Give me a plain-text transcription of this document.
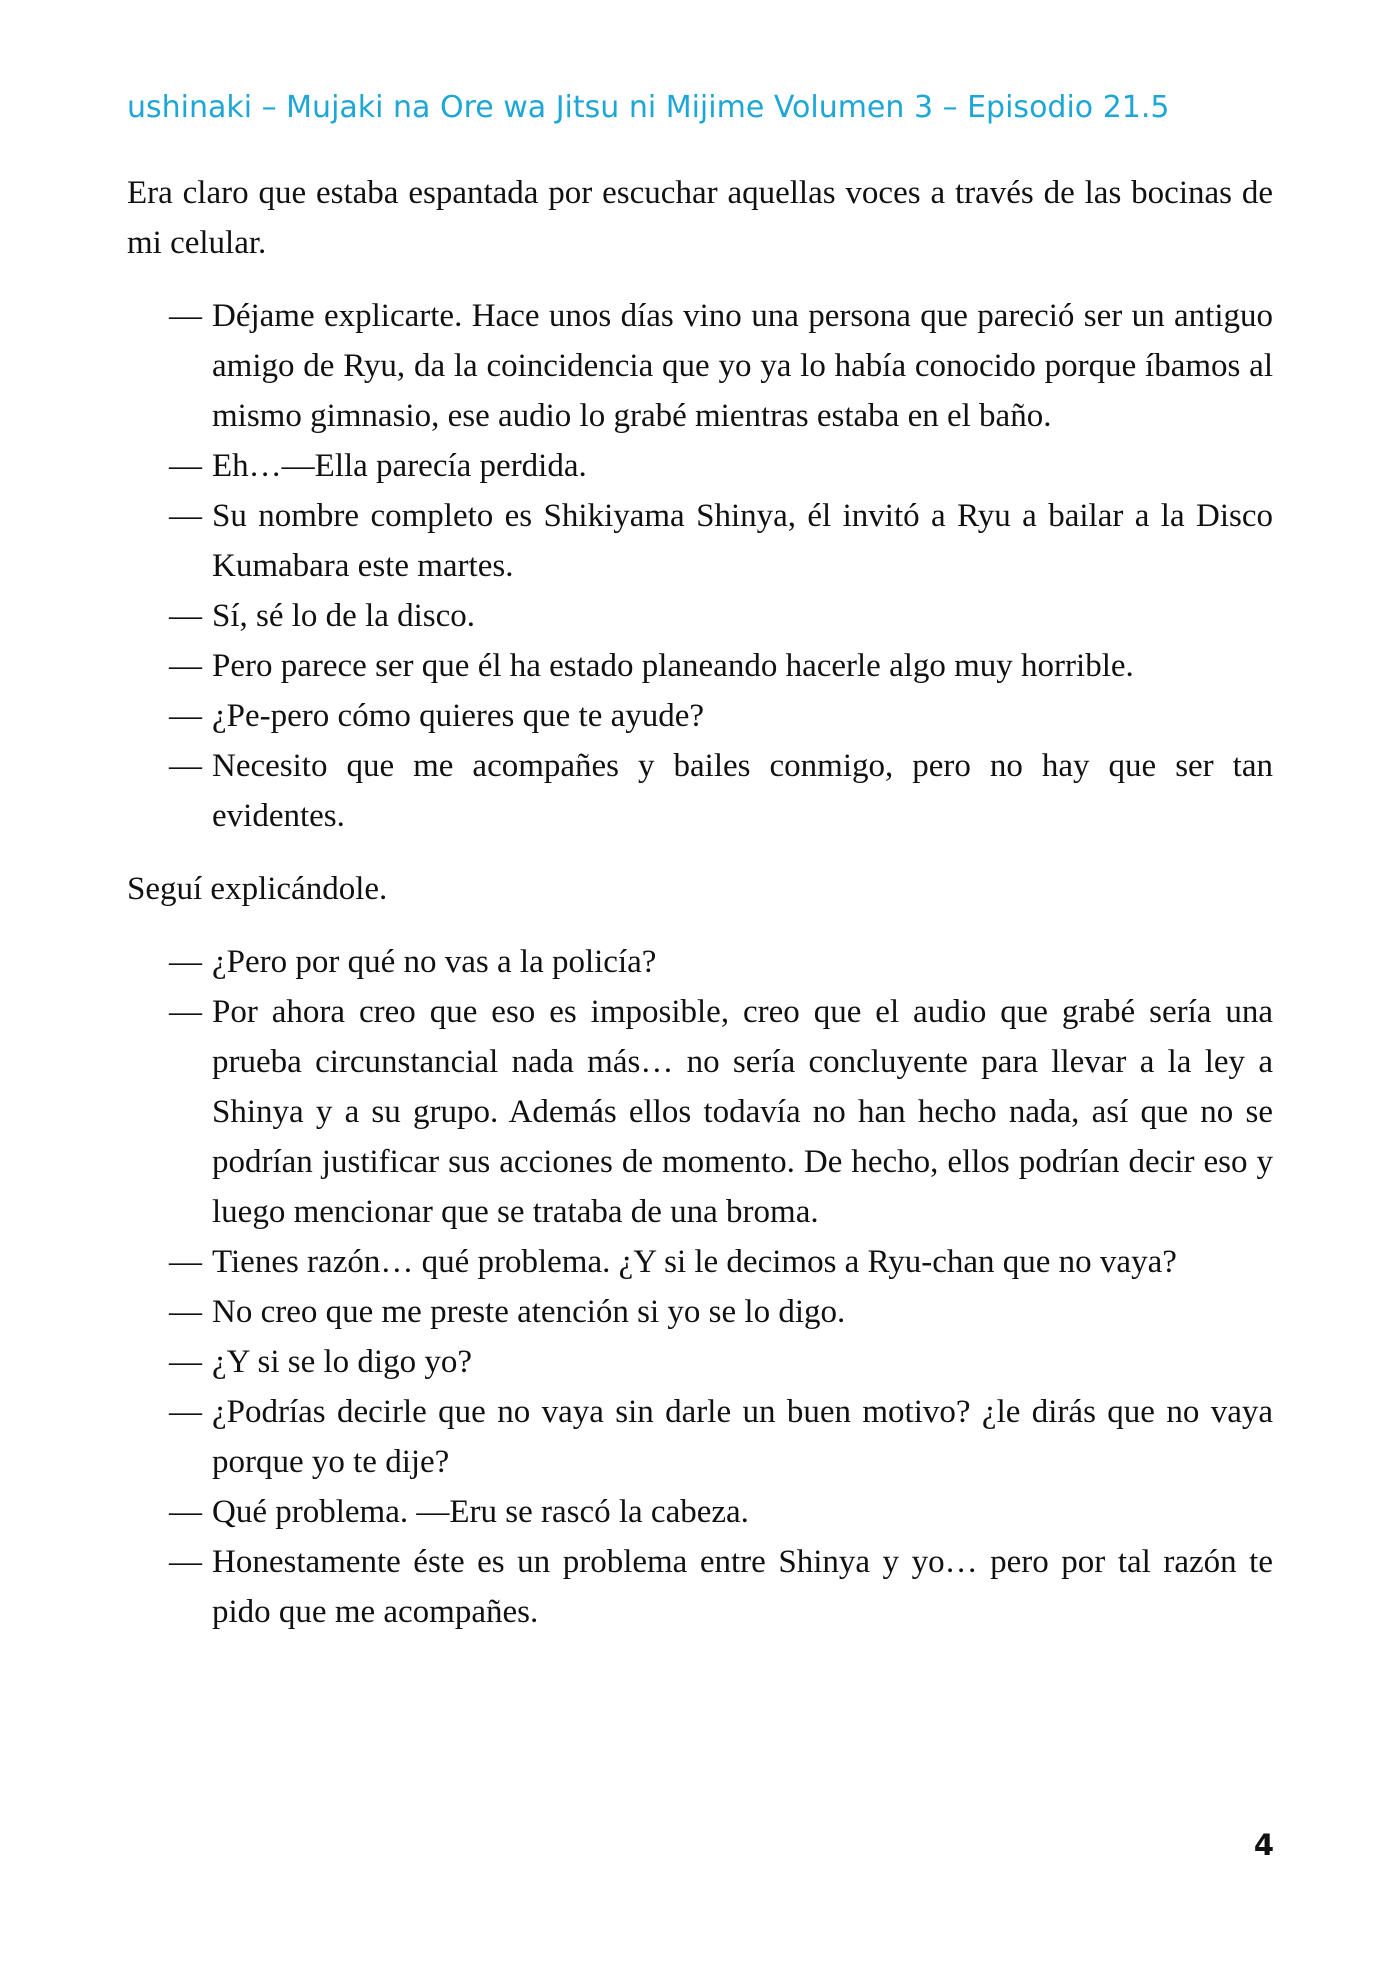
ushinaki – Mujaki na Ore wa Jitsu ni Mijime Volumen 3 – Episodio 21.5

Era claro que estaba espantada por escuchar aquellas voces a través de las bocinas de mi celular.

— Déjame explicarte. Hace unos días vino una persona que pareció ser un antiguo amigo de Ryu, da la coincidencia que yo ya lo había conocido porque íbamos al mismo gimnasio, ese audio lo grabé mientras estaba en el baño.
— Eh…—Ella parecía perdida.
— Su nombre completo es Shikiyama Shinya, él invitó a Ryu a bailar a la Disco Kumabara este martes.
— Sí, sé lo de la disco.
— Pero parece ser que él ha estado planeando hacerle algo muy horrible.
— ¿Pe-pero cómo quieres que te ayude?
— Necesito que me acompañes y bailes conmigo, pero no hay que ser tan evidentes.

Seguí explicándole.

— ¿Pero por qué no vas a la policía?
— Por ahora creo que eso es imposible, creo que el audio que grabé sería una prueba circunstancial nada más… no sería concluyente para llevar a la ley a Shinya y a su grupo. Además ellos todavía no han hecho nada, así que no se podrían justificar sus acciones de momento. De hecho, ellos podrían decir eso y luego mencionar que se trataba de una broma.
— Tienes razón… qué problema. ¿Y si le decimos a Ryu-chan que no vaya?
— No creo que me preste atención si yo se lo digo.
— ¿Y si se lo digo yo?
— ¿Podrías decirle que no vaya sin darle un buen motivo? ¿le dirás que no vaya porque yo te dije?
— Qué problema. —Eru se rascó la cabeza.
— Honestamente éste es un problema entre Shinya y yo… pero por tal razón te pido que me acompañes.
4
